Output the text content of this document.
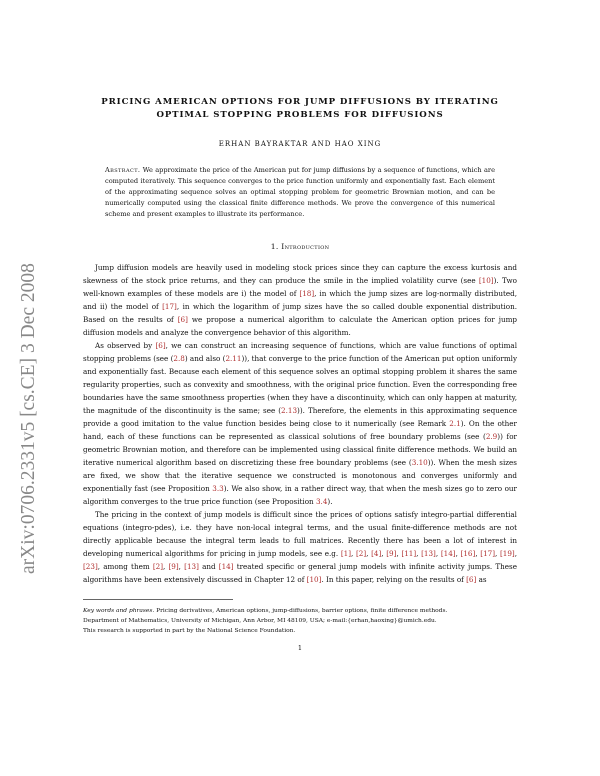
arXiv:0706.2331v5 [cs.CE] 3 Dec 2008
PRICING AMERICAN OPTIONS FOR JUMP DIFFUSIONS BY ITERATING OPTIMAL STOPPING PROBLEMS FOR DIFFUSIONS
ERHAN BAYRAKTAR AND HAO XING
Abstract. We approximate the price of the American put for jump diffusions by a sequence of functions, which are computed iteratively. This sequence converges to the price function uniformly and exponentially fast. Each element of the approximating sequence solves an optimal stopping problem for geometric Brownian motion, and can be numerically computed using the classical finite difference methods. We prove the convergence of this numerical scheme and present examples to illustrate its performance.
1. Introduction

Jump diffusion models are heavily used in modeling stock prices since they can capture the excess kurtosis and skewness of the stock price returns, and they can produce the smile in the implied volatility curve (see [10]). Two well-known examples of these models are i) the model of [18], in which the jump sizes are log-normally distributed, and ii) the model of [17], in which the logarithm of jump sizes have the so called double exponential distribution. Based on the results of [6] we propose a numerical algorithm to calculate the American option prices for jump diffusion models and analyze the convergence behavior of this algorithm.

As observed by [6], we can construct an increasing sequence of functions, which are value functions of optimal stopping problems (see (2.8) and also (2.11)), that converge to the price function of the American put option uniformly and exponentially fast. Because each element of this sequence solves an optimal stopping problem it shares the same regularity properties, such as convexity and smoothness, with the original price function. Even the corresponding free boundaries have the same smoothness properties (when they have a discontinuity, which can only happen at maturity, the magnitude of the discontinuity is the same; see (2.13)). Therefore, the elements in this approximating sequence provide a good imitation to the value function besides being close to it numerically (see Remark 2.1). On the other hand, each of these functions can be represented as classical solutions of free boundary problems (see (2.9)) for geometric Brownian motion, and therefore can be implemented using classical finite difference methods. We build an iterative numerical algorithm based on discretizing these free boundary problems (see (3.10)). When the mesh sizes are fixed, we show that the iterative sequence we constructed is monotonous and converges uniformly and exponentially fast (see Proposition 3.3). We also show, in a rather direct way, that when the mesh sizes go to zero our algorithm converges to the true price function (see Proposition 3.4).

The pricing in the context of jump models is difficult since the prices of options satisfy integro-partial differential equations (integro-pdes), i.e. they have non-local integral terms, and the usual finite-difference methods are not directly applicable because the integral term leads to full matrices. Recently there has been a lot of interest in developing numerical algorithms for pricing in jump models, see e.g. [1], [2], [4], [9], [11], [13], [14], [16], [17], [19], [23], among them [2], [9], [13] and [14] treated specific or general jump models with infinite activity jumps. These algorithms have been extensively discussed in Chapter 12 of [10]. In this paper, relying on the results of [6] as

Key words and phrases. Pricing derivatives, American options, jump-diffusions, barrier options, finite difference methods.
Department of Mathematics, University of Michigan, Ann Arbor, MI 48109, USA; e-mail:{erhan,haoxing}@umich.edu.
This research is supported in part by the National Science Foundation.
1
